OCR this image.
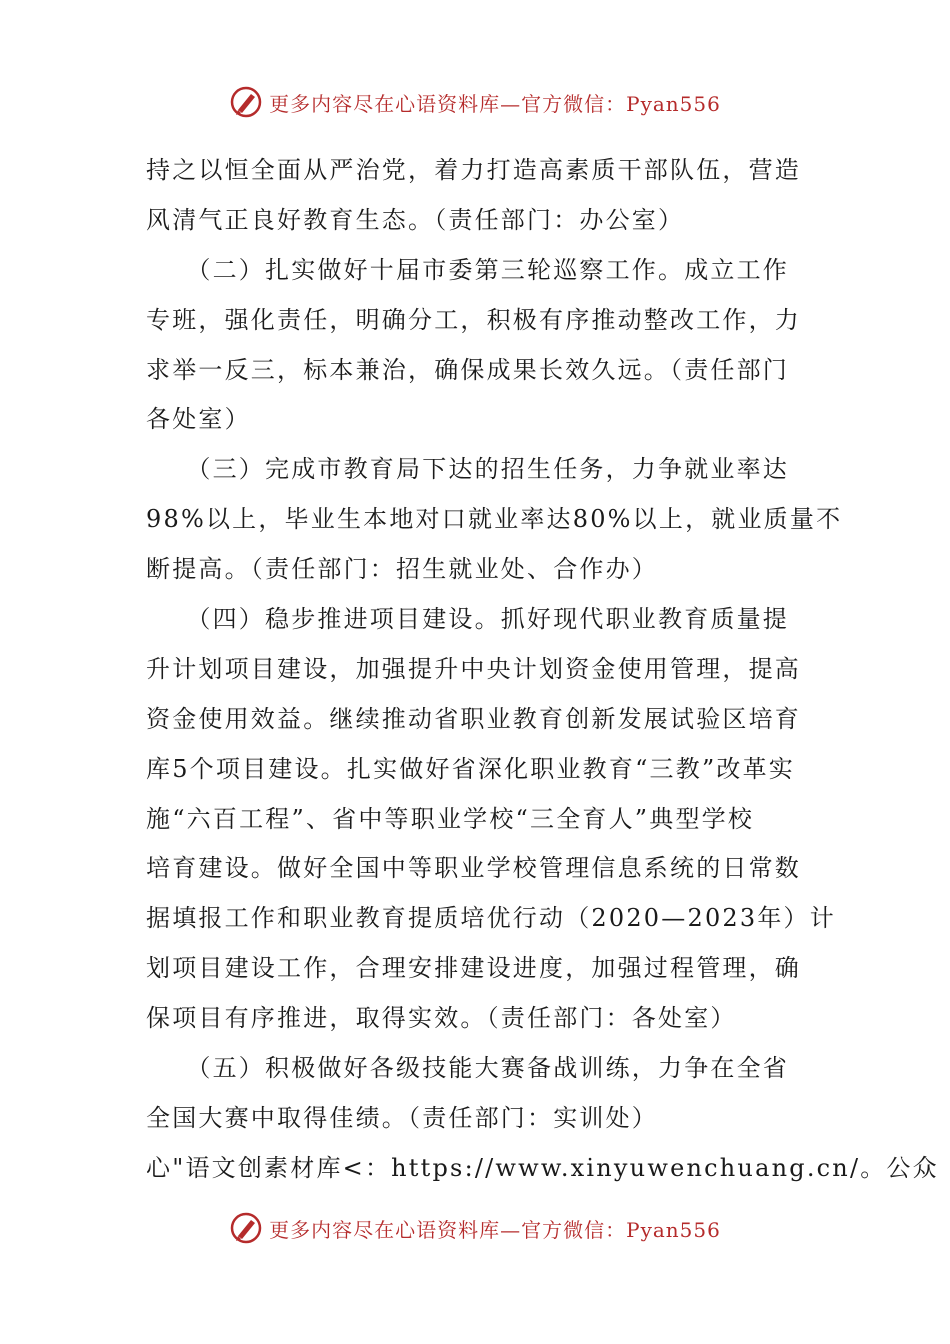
更多内容尽在心语资料库—官方微信：Pyan556
持之以恒全面从严治党，着力打造高素质干部队伍，营造
风清气正良好教育生态。（责任部门：办公室）
　　（二）扎实做好十届市委第三轮巡察工作。成立工作
专班，强化责任，明确分工，积极有序推动整改工作，力
求举一反三，标本兼治，确保成果长效久远。（责任部门
各处室）
　　（三）完成市教育局下达的招生任务，力争就业率达
98%以上，毕业生本地对口就业率达80%以上，就业质量不
断提高。（责任部门：招生就业处、合作办）
　　（四）稳步推进项目建设。抓好现代职业教育质量提
升计划项目建设，加强提升中央计划资金使用管理，提高
资金使用效益。继续推动省职业教育创新发展试验区培育
库5个项目建设。扎实做好省深化职业教育“三教”改革实
施“六百工程”、省中等职业学校“三全育人”典型学校
培育建设。做好全国中等职业学校管理信息系统的日常数
据填报工作和职业教育提质培优行动（2020—2023年）计
划项目建设工作，合理安排建设进度，加强过程管理，确
保项目有序推进，取得实效。（责任部门：各处室）
　　（五）积极做好各级技能大赛备战训练，力争在全省
全国大赛中取得佳绩。（责任部门：实训处）
心"语文创素材库<：https://www.xinyuwenchuang.cn/。公众
更多内容尽在心语资料库—官方微信：Pyan556
